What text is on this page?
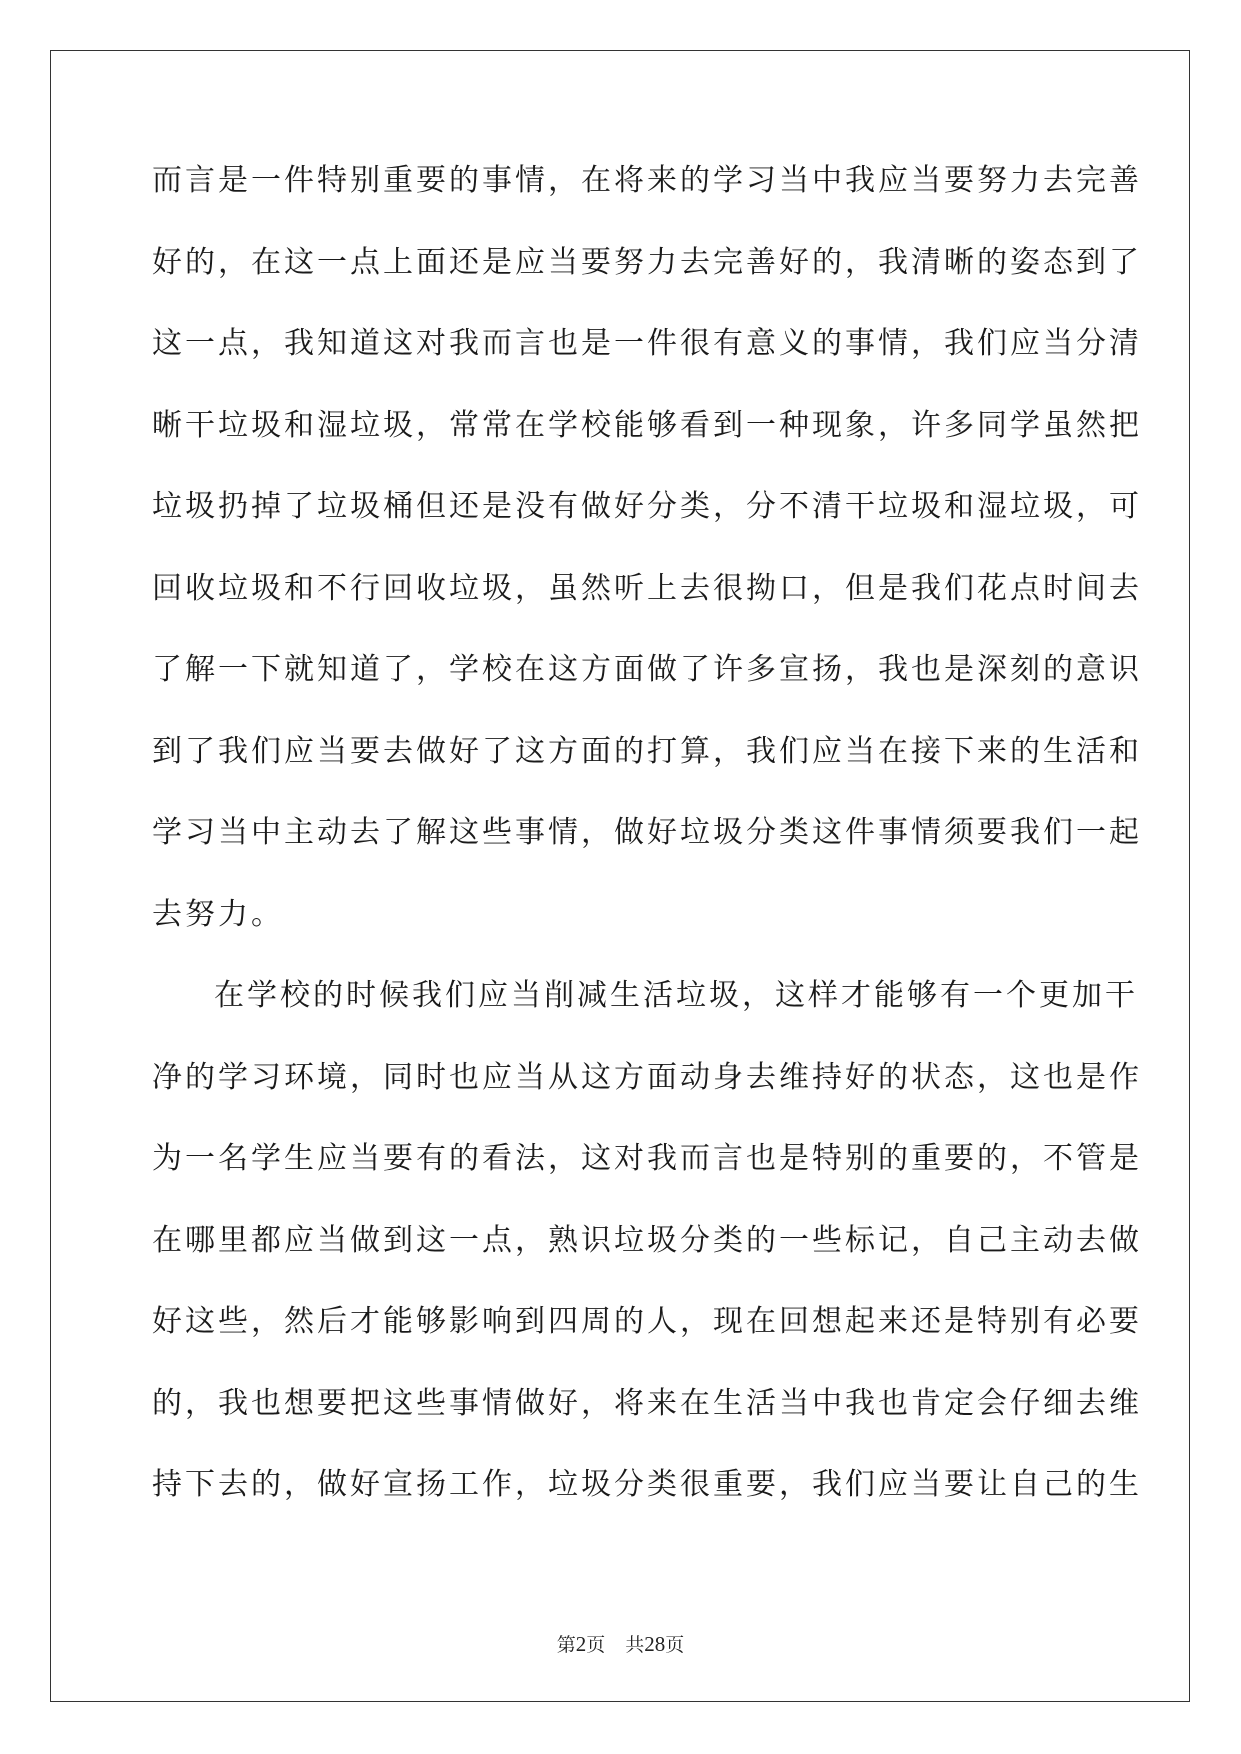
而言是一件特别重要的事情，在将来的学习当中我应当要努力去完善
好的，在这一点上面还是应当要努力去完善好的，我清晰的姿态到了
这一点，我知道这对我而言也是一件很有意义的事情，我们应当分清
晰干垃圾和湿垃圾，常常在学校能够看到一种现象，许多同学虽然把
垃圾扔掉了垃圾桶但还是没有做好分类，分不清干垃圾和湿垃圾，可
回收垃圾和不行回收垃圾，虽然听上去很拗口，但是我们花点时间去
了解一下就知道了，学校在这方面做了许多宣扬，我也是深刻的意识
到了我们应当要去做好了这方面的打算，我们应当在接下来的生活和
学习当中主动去了解这些事情，做好垃圾分类这件事情须要我们一起
去努力。
在学校的时候我们应当削减生活垃圾，这样才能够有一个更加干
净的学习环境，同时也应当从这方面动身去维持好的状态，这也是作
为一名学生应当要有的看法，这对我而言也是特别的重要的，不管是
在哪里都应当做到这一点，熟识垃圾分类的一些标记，自己主动去做
好这些，然后才能够影响到四周的人，现在回想起来还是特别有必要
的，我也想要把这些事情做好，将来在生活当中我也肯定会仔细去维
持下去的，做好宣扬工作，垃圾分类很重要，我们应当要让自己的生
第2页 共28页
